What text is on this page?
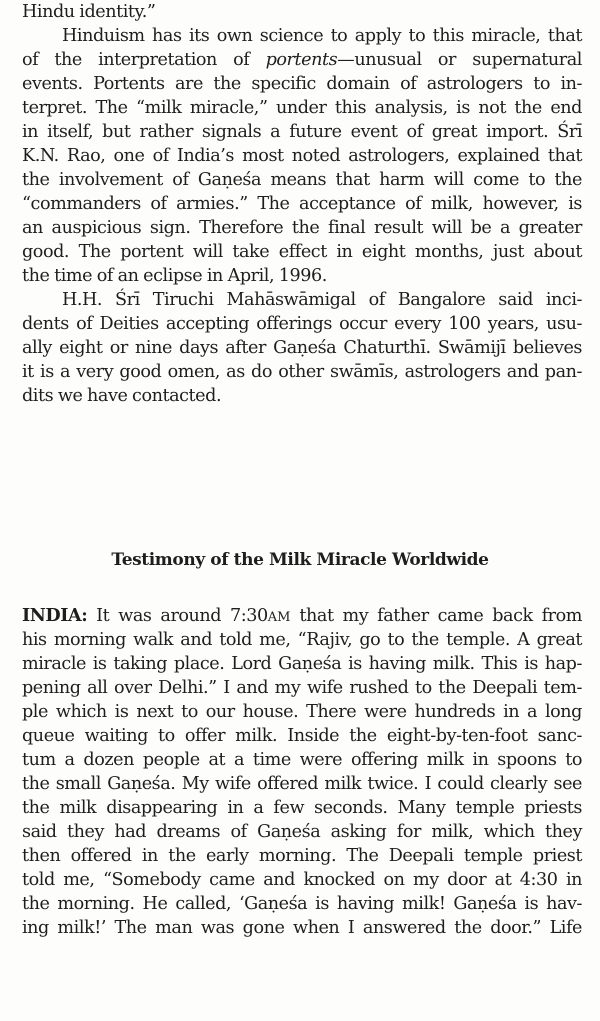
Hindu identity.”
Hinduism has its own science to apply to this miracle, that
of the interpretation of portents—unusual or supernatural
events. Portents are the specific domain of astrologers to in-
terpret. The “milk miracle,” under this analysis, is not the end
in itself, but rather signals a future event of great import. Śrī
K.N. Rao, one of India’s most noted astrologers, explained that
the involvement of Gaṇeśa means that harm will come to the
“commanders of armies.” The acceptance of milk, however, is
an auspicious sign. Therefore the final result will be a greater
good. The portent will take effect in eight months, just about
the time of an eclipse in April, 1996.
H.H. Śrī Tiruchi Mahāswāmigal of Bangalore said inci-
dents of Deities accepting offerings occur every 100 years, usu-
ally eight or nine days after Gaṇeśa Chaturthī. Swāmijī believes
it is a very good omen, as do other swāmīs, astrologers and pan-
dits we have contacted.
Testimony of the Milk Miracle Worldwide
INDIA: It was around 7:30AM that my father came back from
his morning walk and told me, “Rajiv, go to the temple. A great
miracle is taking place. Lord Gaṇeśa is having milk. This is hap-
pening all over Delhi.” I and my wife rushed to the Deepali tem-
ple which is next to our house. There were hundreds in a long
queue waiting to offer milk. Inside the eight-by-ten-foot sanc-
tum a dozen people at a time were offering milk in spoons to
the small Gaṇeśa. My wife offered milk twice. I could clearly see
the milk disappearing in a few seconds. Many temple priests
said they had dreams of Gaṇeśa asking for milk, which they
then offered in the early morning. The Deepali temple priest
told me, “Somebody came and knocked on my door at 4:30 in
the morning. He called, ‘Gaṇeśa is having milk! Gaṇeśa is hav-
ing milk!’ The man was gone when I answered the door.” Life
